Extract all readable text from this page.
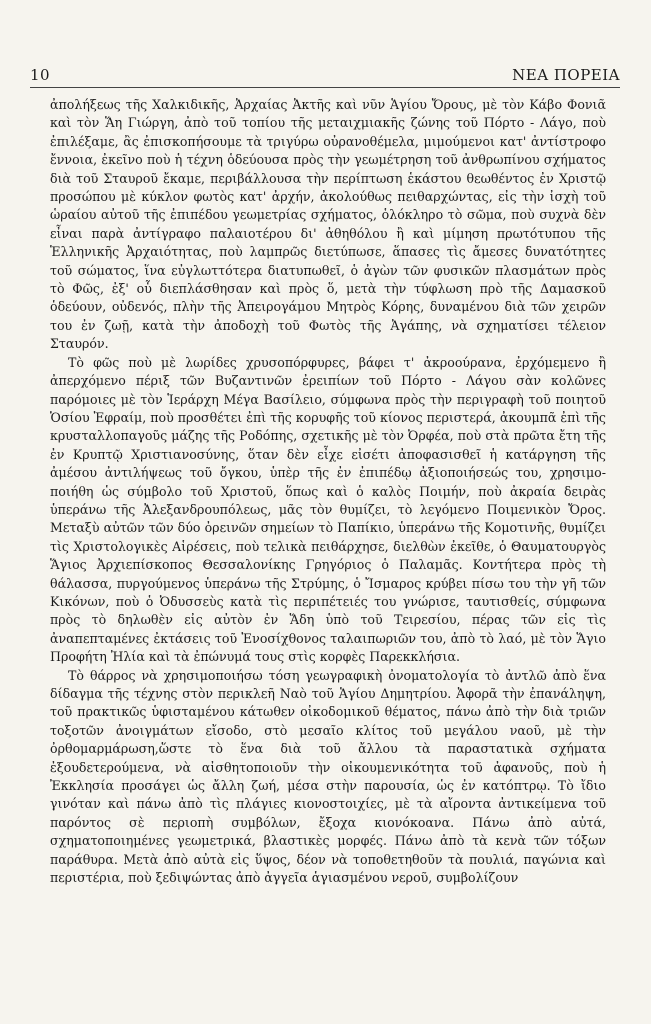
10	ΝΕΑ ΠΟΡΕΙΑ

ἀπολήξεως τῆς Χαλκιδικῆς, Ἀρχαίας Ἀκτῆς καὶ νῦν Ἁγίου Ὄρους, μὲ τὸν Κάβο Φονιᾶ καὶ τὸν Ἅη Γιώργη, ἀπὸ τοῦ τοπίου τῆς μεταιχμιακῆς ζώνης τοῦ Πόρτο - Λάγο, ποὺ ἐπιλέξαμε, ἂς ἐπισκοπήσουμε τὰ τριγύρω οὐρανοθέμελα, μιμούμενοι κατ' ἀντίστροφο ἔννοια, ἐκεῖνο ποὺ ἡ τέχνη ὁδεύουσα πρὸς τὴν γεωμέτρηση τοῦ ἀνθρωπίνου σχήματος διὰ τοῦ Σταυροῦ ἔκαμε, περιβάλλουσα τὴν περίπτωση ἑκάστου θεωθέντος ἐν Χριστῷ προσώπου μὲ κύκλον φωτὸς κατ' ἀρχήν, ἀκολούθως πειθαρχώντας, εἰς τὴν ἰσχὴ τοῦ ὡραίου αὐτοῦ τῆς ἐπιπέδου γεωμετρίας σχήματος, ὁλόκληρο τὸ σῶμα, ποὺ συχνὰ δὲν εἶναι παρὰ ἀντίγραφο παλαιοτέρου δι' ἀθηθόλου ἢ καὶ μίμηση πρωτότυπου τῆς Ἑλληνικῆς Ἀρχαιότητας, ποὺ λαμπρῶς διετύπωσε, ἅπασες τὶς ἄμεσες δυνατότητες τοῦ σώματος, ἵνα εὐγλωττότερα διατυπωθεῖ, ὁ ἀγὼν τῶν φυσικῶν πλασμάτων πρὸς τὸ Φῶς, ἐξ' οὗ διεπλάσθησαν καὶ πρὸς ὅ, μετὰ τὴν τύφλωση πρὸ τῆς Δαμασκοῦ ὁδεύουν, οὐδενός, πλὴν τῆς Ἀπειρογάμου Μητρὸς Κόρης, δυναμένου διὰ τῶν χειρῶν του ἐν ζωῇ, κατὰ τὴν ἀποδοχὴ τοῦ Φωτὸς τῆς Ἀγάπης, νὰ σχηματίσει τέλειον Σταυρόν.

Τὸ φῶς ποὺ μὲ λωρίδες χρυσοπόρφυρες, βάφει τ' ἀκροούρανα, ἐρχόμεμενο ἢ ἀπερχόμενο πέριξ τῶν Βυζαντινῶν ἐρειπίων τοῦ Πόρτο - Λάγου σὰν κολῶνες παρόμοιες μὲ τὸν Ἱεράρχη Μέγα Βασίλειο, σύμφωνα πρὸς τὴν περιγραφὴ τοῦ ποιητοῦ Ὁσίου Ἐφραίμ, ποὺ προσθέτει ἐπὶ τῆς κορυφῆς τοῦ κίονος περιστερά, ἀκουμπᾶ ἐπὶ τῆς κρυσταλλοπαγοῦς μάζης τῆς Ροδόπης, σχετικῆς μὲ τὸν Ὀρφέα, ποὺ στὰ πρῶτα ἔτη τῆς ἐν Κρυπτῷ Χριστιανοσύνης, ὅταν δὲν εἶχε εἰσέτι ἀποφασισθεῖ ἡ κατάργηση τῆς ἀμέσου ἀντιλήψεως τοῦ ὄγκου, ὑπὲρ τῆς ἐν ἐπιπέδῳ ἀξιοποιήσεώς του, χρησιμοποιήθη ὡς σύμβολο τοῦ Χριστοῦ, ὅπως καὶ ὁ καλὸς Ποιμήν, ποὺ ἀκραία δειρὰς ὑπεράνω τῆς Ἀλεξανδρουπόλεως, μᾶς τὸν θυμίζει, τὸ λεγόμενο Ποιμενικὸν Ὄρος. Μεταξὺ αὐτῶν τῶν δύο ὀρεινῶν σημείων τὸ Παπίκιο, ὑπεράνω τῆς Κομοτινῆς, θυμίζει τὶς Χριστολογικὲς Αἱρέσεις, ποὺ τελικὰ πειθάρχησε, διελθὼν ἐκεῖθε, ὁ Θαυματουργὸς Ἅγιος Ἀρχιεπίσκοπος Θεσσαλονίκης Γρηγόριος ὁ Παλαμᾶς. Κοντήτερα πρὸς τὴ θάλασσα, πυργούμενος ὑπεράνω τῆς Στρύμης, ὁ Ἴσμαρος κρύβει πίσω του τὴν γῆ τῶν Κικόνων, ποὺ ὁ Ὀδυσσεὺς κατὰ τὶς περιπέτειές του γνώρισε, ταυτισθείς, σύμφωνα πρὸς τὸ δηλωθὲν εἰς αὐτὸν ἐν Ἅδη ὑπὸ τοῦ Τειρεσίου, πέρας τῶν εἰς τὶς ἀναπεπταμένες ἐκτάσεις τοῦ Ἐνοσίχθονος ταλαιπωριῶν του, ἀπὸ τὸ λαό, μὲ τὸν Ἅγιο Προφήτη Ἠλία καὶ τὰ ἐπώνυμά τους στὶς κορφὲς Παρεκκλήσια.

Τὸ θάρρος νὰ χρησιμοποιήσω τόση γεωγραφικὴ ὀνοματολογία τὸ ἀντλῶ ἀπὸ ἕνα δίδαγμα τῆς τέχνης στὸν περικλεῆ Ναὸ τοῦ Ἁγίου Δημητρίου. Ἀφορᾶ τὴν ἐπανάληψη, τοῦ πρακτικῶς ὑφισταμένου κάτωθεν οἰκοδομικοῦ θέματος, πάνω ἀπὸ τὴν διὰ τριῶν τοξοτῶν ἀνοιγμάτων εἴσοδο, στὸ μεσαῖο κλίτος τοῦ μεγάλου ναοῦ, μὲ τὴν ὀρθομαρμάρωση,ὥστε τὸ ἕνα διὰ τοῦ ἄλλου τὰ παραστατικὰ σχήματα ἐξουδετερούμενα, νὰ αἰσθητοποιοῦν τὴν οἰκουμενικότητα τοῦ ἀφανοῦς, ποὺ ἡ Ἐκκλησία προσάγει ὡς ἄλλη ζωή, μέσα στὴν παρουσία, ὡς ἐν κατόπτρῳ. Τὸ ἴδιο γινόταν καὶ πάνω ἀπὸ τὶς πλάγιες κιονοστοιχίες, μὲ τὰ αἴροντα ἀντικείμενα τοῦ παρόντος σὲ περιοπὴ συμβόλων, ἔξοχα κιονόκοανα. Πάνω ἀπὸ αὐτά, σχηματοποιημένες γεωμετρικά, βλαστικὲς μορφές. Πάνω ἀπὸ τὰ κενὰ τῶν τόξων παράθυρα. Μετὰ ἀπὸ αὐτὰ εἰς ὕψος, δέον νὰ τοποθετηθοῦν τὰ πουλιά, παγώνια καὶ περιστέρια, ποὺ ξεδιψώντας ἀπὸ ἀγγεῖα ἁγιασμένου νεροῦ, συμβολίζουν
